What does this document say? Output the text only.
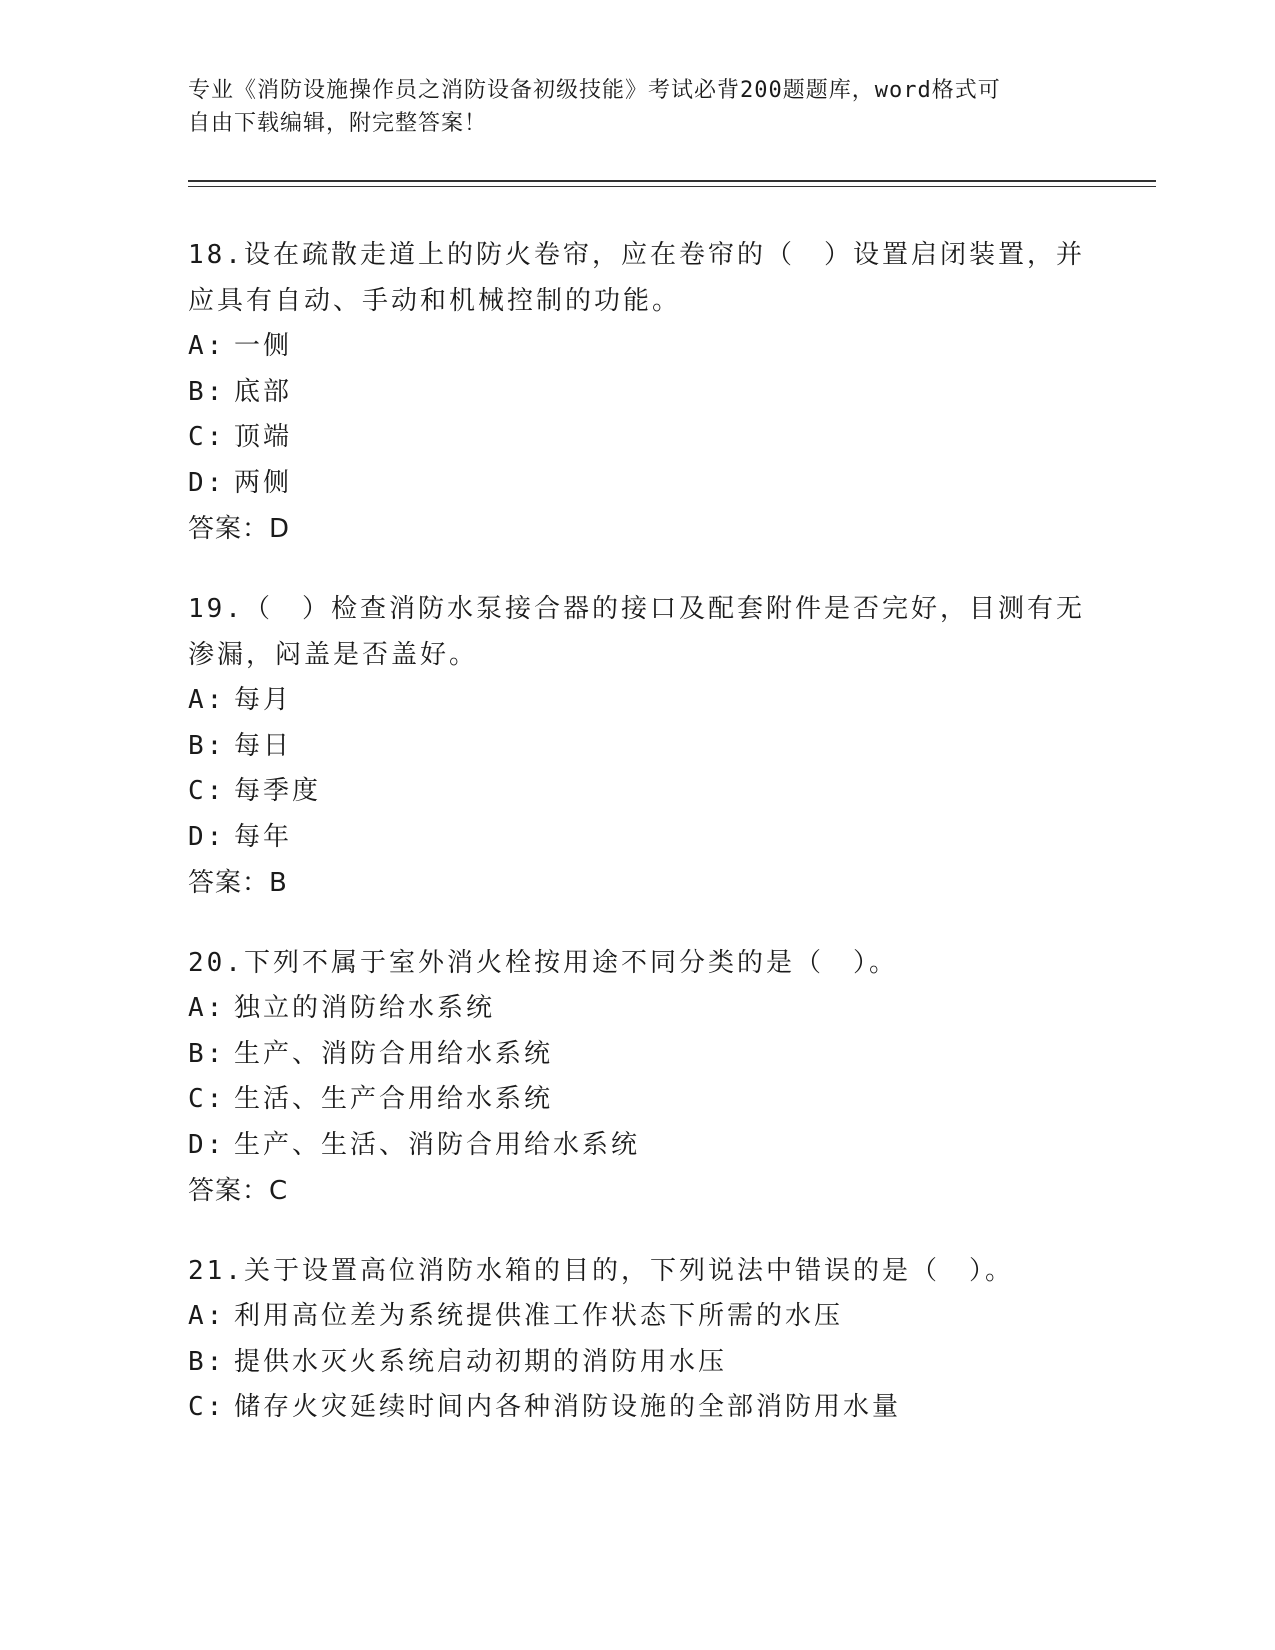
专业《消防设施操作员之消防设备初级技能》考试必背200题题库，word格式可
自由下载编辑，附完整答案！

18.设在疏散走道上的防火卷帘，应在卷帘的（　）设置启闭装置，并

应具有自动、手动和机械控制的功能。

A: 一侧

B: 底部

C: 顶端

D: 两侧

答案：D

19.（　）检查消防水泵接合器的接口及配套附件是否完好，目测有无

渗漏，闷盖是否盖好。

A: 每月

B: 每日

C: 每季度

D: 每年

答案：B

20.下列不属于室外消火栓按用途不同分类的是（　）。

A: 独立的消防给水系统

B: 生产、消防合用给水系统

C: 生活、生产合用给水系统

D: 生产、生活、消防合用给水系统

答案：C

21.关于设置高位消防水箱的目的，下列说法中错误的是（　）。

A: 利用高位差为系统提供准工作状态下所需的水压

B: 提供水灭火系统启动初期的消防用水压

C: 储存火灾延续时间内各种消防设施的全部消防用水量
